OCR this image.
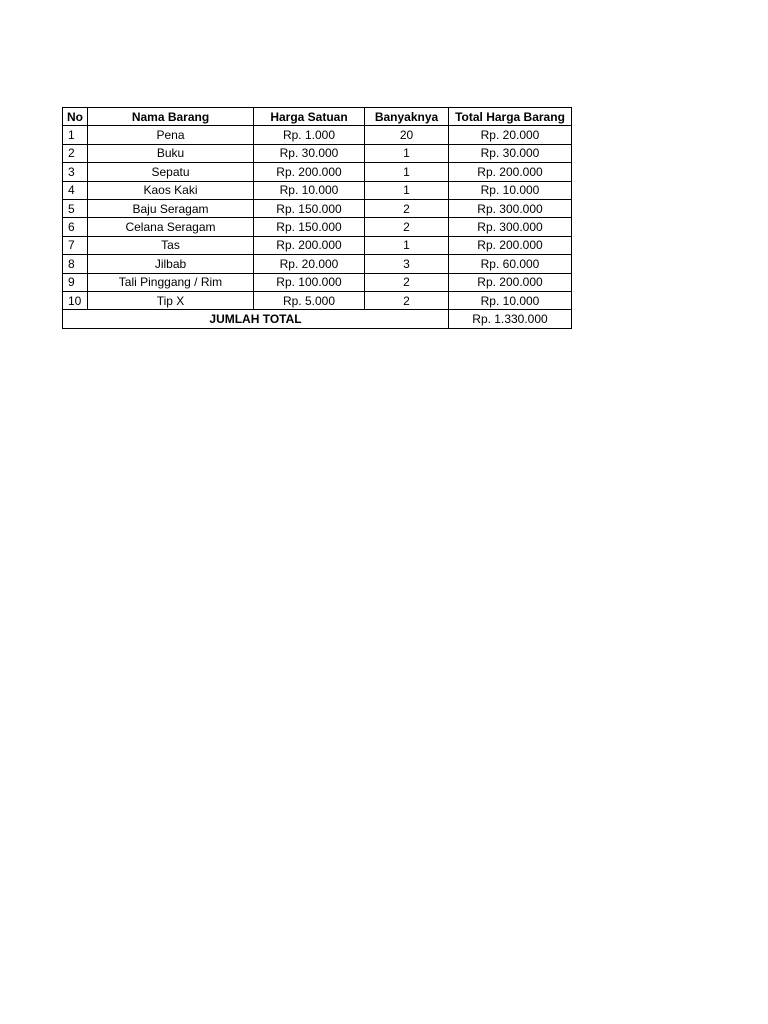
No	Nama Barang	Harga Satuan	Banyaknya	Total Harga Barang
1	Pena	Rp. 1.000	20	Rp. 20.000
2	Buku	Rp. 30.000	1	Rp. 30.000
3	Sepatu	Rp. 200.000	1	Rp. 200.000
4	Kaos Kaki	Rp. 10.000	1	Rp. 10.000
5	Baju Seragam	Rp. 150.000	2	Rp. 300.000
6	Celana Seragam	Rp. 150.000	2	Rp. 300.000
7	Tas	Rp. 200.000	1	Rp. 200.000
8	Jilbab	Rp. 20.000	3	Rp. 60.000
9	Tali Pinggang / Rim	Rp. 100.000	2	Rp. 200.000
10	Tip X	Rp. 5.000	2	Rp. 10.000
JUMLAH TOTAL				Rp. 1.330.000
